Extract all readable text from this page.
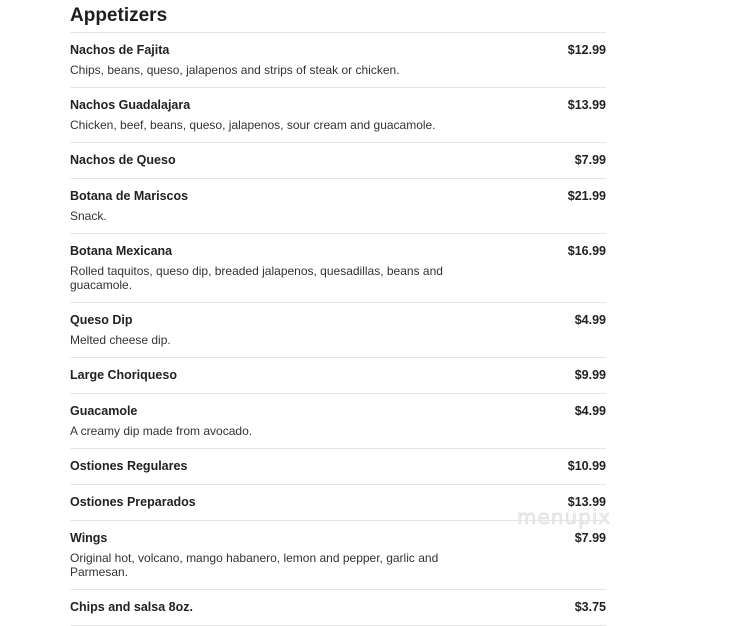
Appetizers
Nachos de Fajita	$12.99
Chips, beans, queso, jalapenos and strips of steak or chicken.
Nachos Guadalajara	$13.99
Chicken, beef, beans, queso, jalapenos, sour cream and guacamole.
Nachos de Queso	$7.99
Botana de Mariscos	$21.99
Snack.
Botana Mexicana	$16.99
Rolled taquitos, queso dip, breaded jalapenos, quesadillas, beans and guacamole.
Queso Dip	$4.99
Melted cheese dip.
Large Choriqueso	$9.99
Guacamole	$4.99
A creamy dip made from avocado.
Ostiones Regulares	$10.99
Ostiones Preparados	$13.99
Wings	$7.99
Original hot, volcano, mango habanero, lemon and pepper, garlic and Parmesan.
Chips and salsa 8oz.	$3.75
menupix
